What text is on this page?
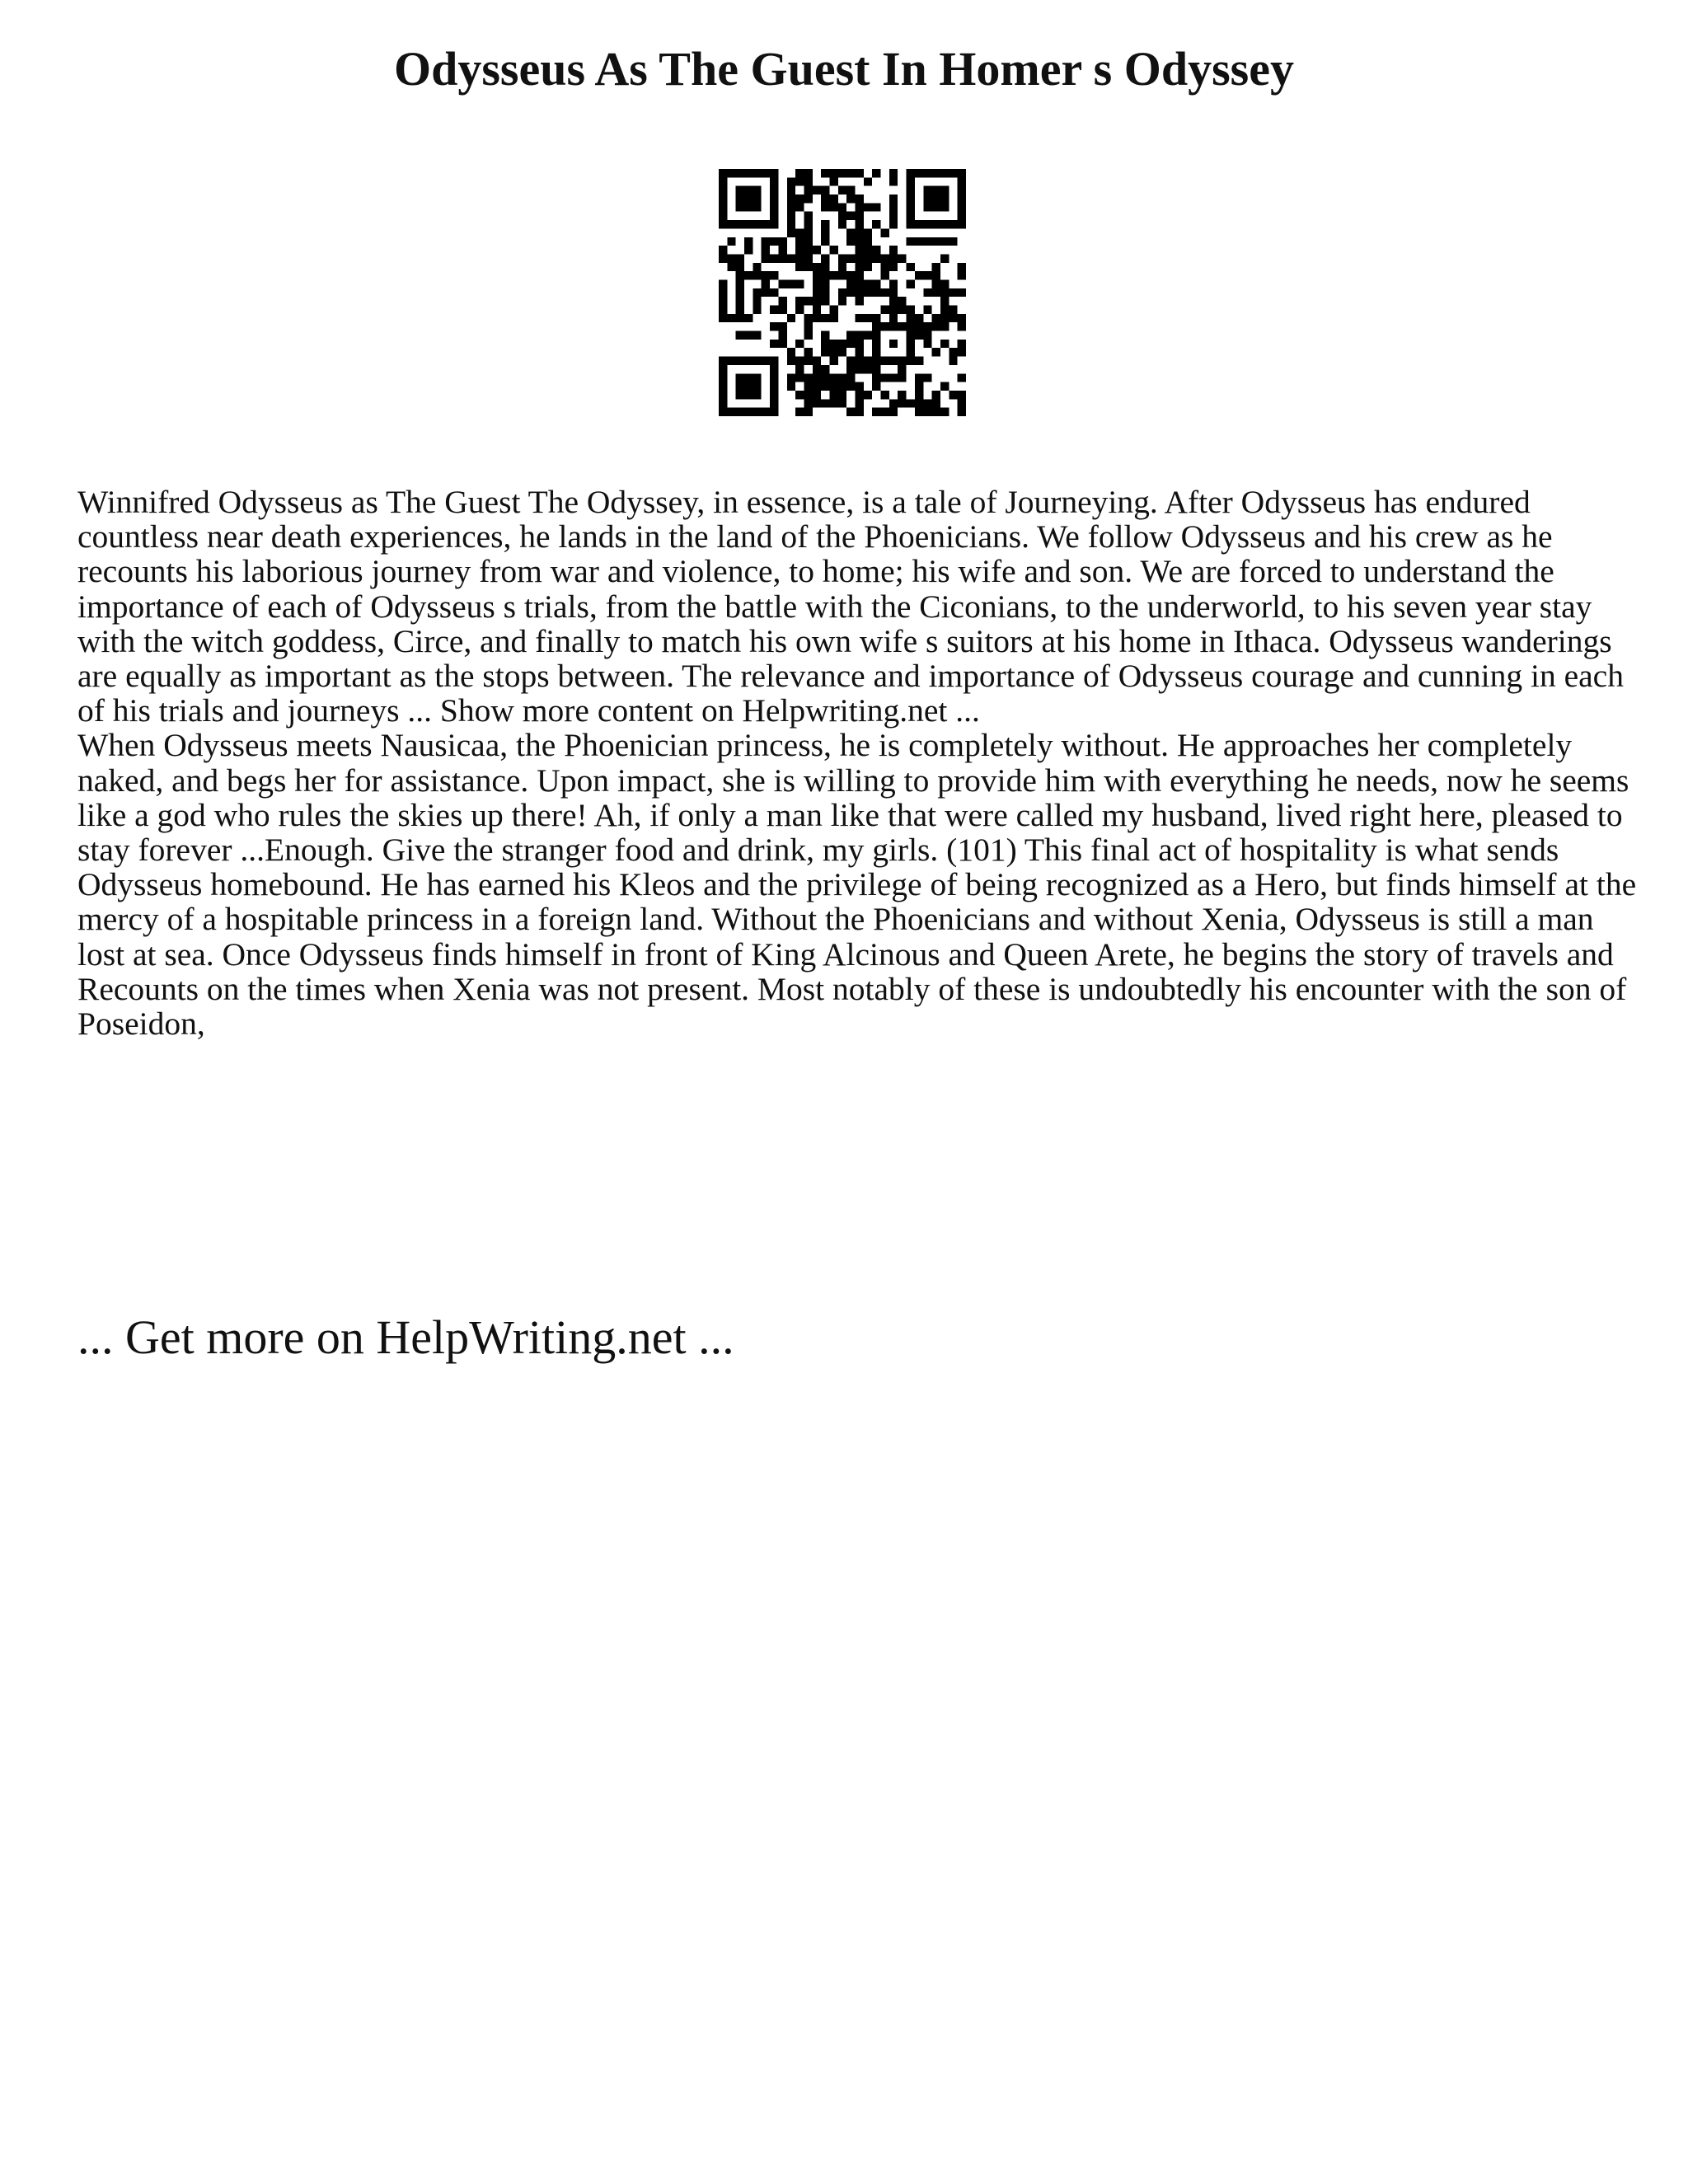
Odysseus As The Guest In Homer s Odyssey

Winnifred Odysseus as The Guest The Odyssey, in essence, is a tale of Journeying. After Odysseus has endured countless near death experiences, he lands in the land of the Phoenicians. We follow Odysseus and his crew as he recounts his laborious journey from war and violence, to home; his wife and son. We are forced to understand the importance of each of Odysseus s trials, from the battle with the Ciconians, to the underworld, to his seven year stay with the witch goddess, Circe, and finally to match his own wife s suitors at his home in Ithaca. Odysseus wanderings are equally as important as the stops between. The relevance and importance of Odysseus courage and cunning in each of his trials and journeys ... Show more content on Helpwriting.net ...

When Odysseus meets Nausicaa, the Phoenician princess, he is completely without. He approaches her completely naked, and begs her for assistance. Upon impact, she is willing to provide him with everything he needs, now he seems like a god who rules the skies up there! Ah, if only a man like that were called my husband, lived right here, pleased to stay forever ...Enough. Give the stranger food and drink, my girls. (101) This final act of hospitality is what sends Odysseus homebound. He has earned his Kleos and the privilege of being recognized as a Hero, but finds himself at the mercy of a hospitable princess in a foreign land. Without the Phoenicians and without Xenia, Odysseus is still a man lost at sea. Once Odysseus finds himself in front of King Alcinous and Queen Arete, he begins the story of travels and Recounts on the times when Xenia was not present. Most notably of these is undoubtedly his encounter with the son of Poseidon,

... Get more on HelpWriting.net ...
